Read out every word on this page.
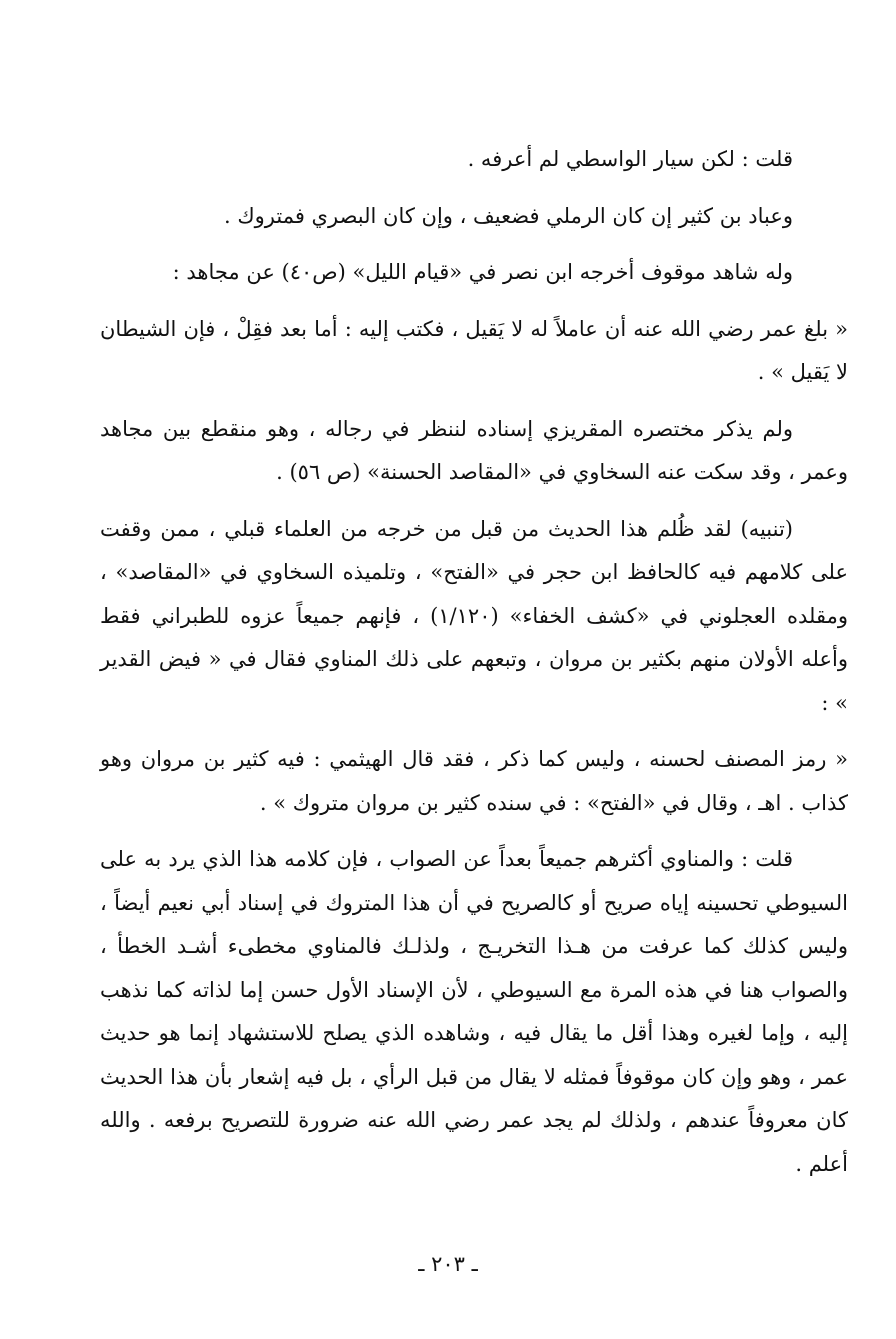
قلت : لكن سيار الواسطي لم أعرفه .

وعباد بن كثير إن كان الرملي فضعيف ، وإن كان البصري فمتروك .

وله شاهد موقوف أخرجه ابن نصر في «قيام الليل» (ص٤٠) عن مجاهد :

« بلغ عمر رضي الله عنه أن عاملاً له لا يَقيل ، فكتب إليه : أما بعد فقِلْ ، فإن الشيطان لا يَقيل » .

ولم يذكر مختصره المقريزي إسناده لننظر في رجاله ، وهو منقطع بين مجاهد وعمر ، وقد سكت عنه السخاوي في «المقاصد الحسنة» (ص ٥٦) .

(تنبيه) لقد ظُلم هذا الحديث من قبل من خرجه من العلماء قبلي ، ممن وقفت على كلامهم فيه كالحافظ ابن حجر في «الفتح» ، وتلميذه السخاوي في «المقاصد» ، ومقلده العجلوني في «كشف الخفاء» (١/١٢٠) ، فإنهم جميعاً عزوه للطبراني فقط وأعله الأولان منهم بكثير بن مروان ، وتبعهم على ذلك المناوي فقال في « فيض القدير » :

« رمز المصنف لحسنه ، وليس كما ذكر ، فقد قال الهيثمي : فيه كثير بن مروان وهو كذاب . اهـ ، وقال في «الفتح» : في سنده كثير بن مروان متروك » .

قلت : والمناوي أكثرهم جميعاً بعداً عن الصواب ، فإن كلامه هذا الذي يرد به على السيوطي تحسينه إياه صريح أو كالصريح في أن هذا المتروك في إسناد أبي نعيم أيضاً ، وليس كذلك كما عرفت من هـذا التخريـج ، ولذلـك فالمناوي مخطىء أشـد الخطأ ، والصواب هنا في هذه المرة مع السيوطي ، لأن الإسناد الأول حسن إما لذاته كما نذهب إليه ، وإما لغيره وهذا أقل ما يقال فيه ، وشاهده الذي يصلح للاستشهاد إنما هو حديث عمر ، وهو وإن كان موقوفاً فمثله لا يقال من قبل الرأي ، بل فيه إشعار بأن هذا الحديث كان معروفاً عندهم ، ولذلك لم يجد عمر رضي الله عنه ضرورة للتصريح برفعه . والله أعلم .

ـ ٢٠٣ ـ
